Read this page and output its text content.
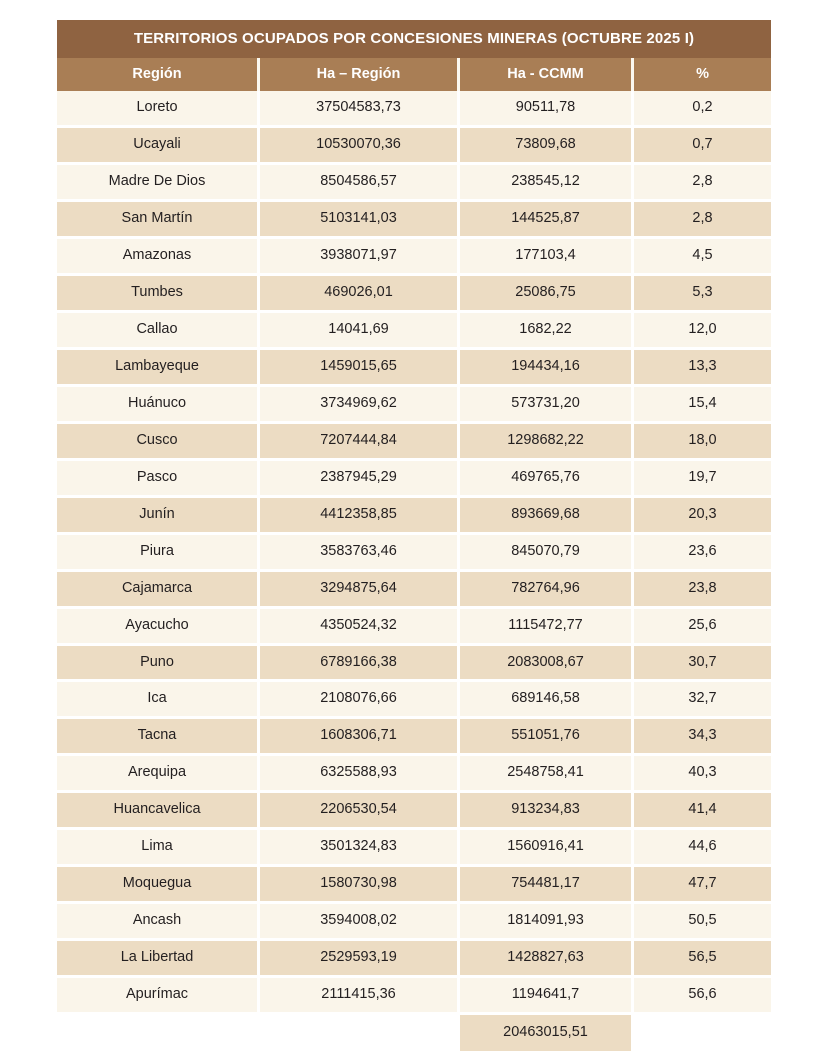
TERRITORIOS OCUPADOS POR CONCESIONES MINERAS (OCTUBRE 2025 I)			
Región	Ha – Región	Ha - CCMM	%
Loreto	37504583,73	90511,78	0,2
Ucayali	10530070,36	73809,68	0,7
Madre De Dios	8504586,57	238545,12	2,8
San Martín	5103141,03	144525,87	2,8
Amazonas	3938071,97	177103,4	4,5
Tumbes	469026,01	25086,75	5,3
Callao	14041,69	1682,22	12,0
Lambayeque	1459015,65	194434,16	13,3
Huánuco	3734969,62	573731,20	15,4
Cusco	7207444,84	1298682,22	18,0
Pasco	2387945,29	469765,76	19,7
Junín	4412358,85	893669,68	20,3
Piura	3583763,46	845070,79	23,6
Cajamarca	3294875,64	782764,96	23,8
Ayacucho	4350524,32	1115472,77	25,6
Puno	6789166,38	2083008,67	30,7
Ica	2108076,66	689146,58	32,7
Tacna	1608306,71	551051,76	34,3
Arequipa	6325588,93	2548758,41	40,3
Huancavelica	2206530,54	913234,83	41,4
Lima	3501324,83	1560916,41	44,6
Moquegua	1580730,98	754481,17	47,7
Ancash	3594008,02	1814091,93	50,5
La Libertad	2529593,19	1428827,63	56,5
Apurímac	2111415,36	1194641,7	56,6
		20463015,51	
